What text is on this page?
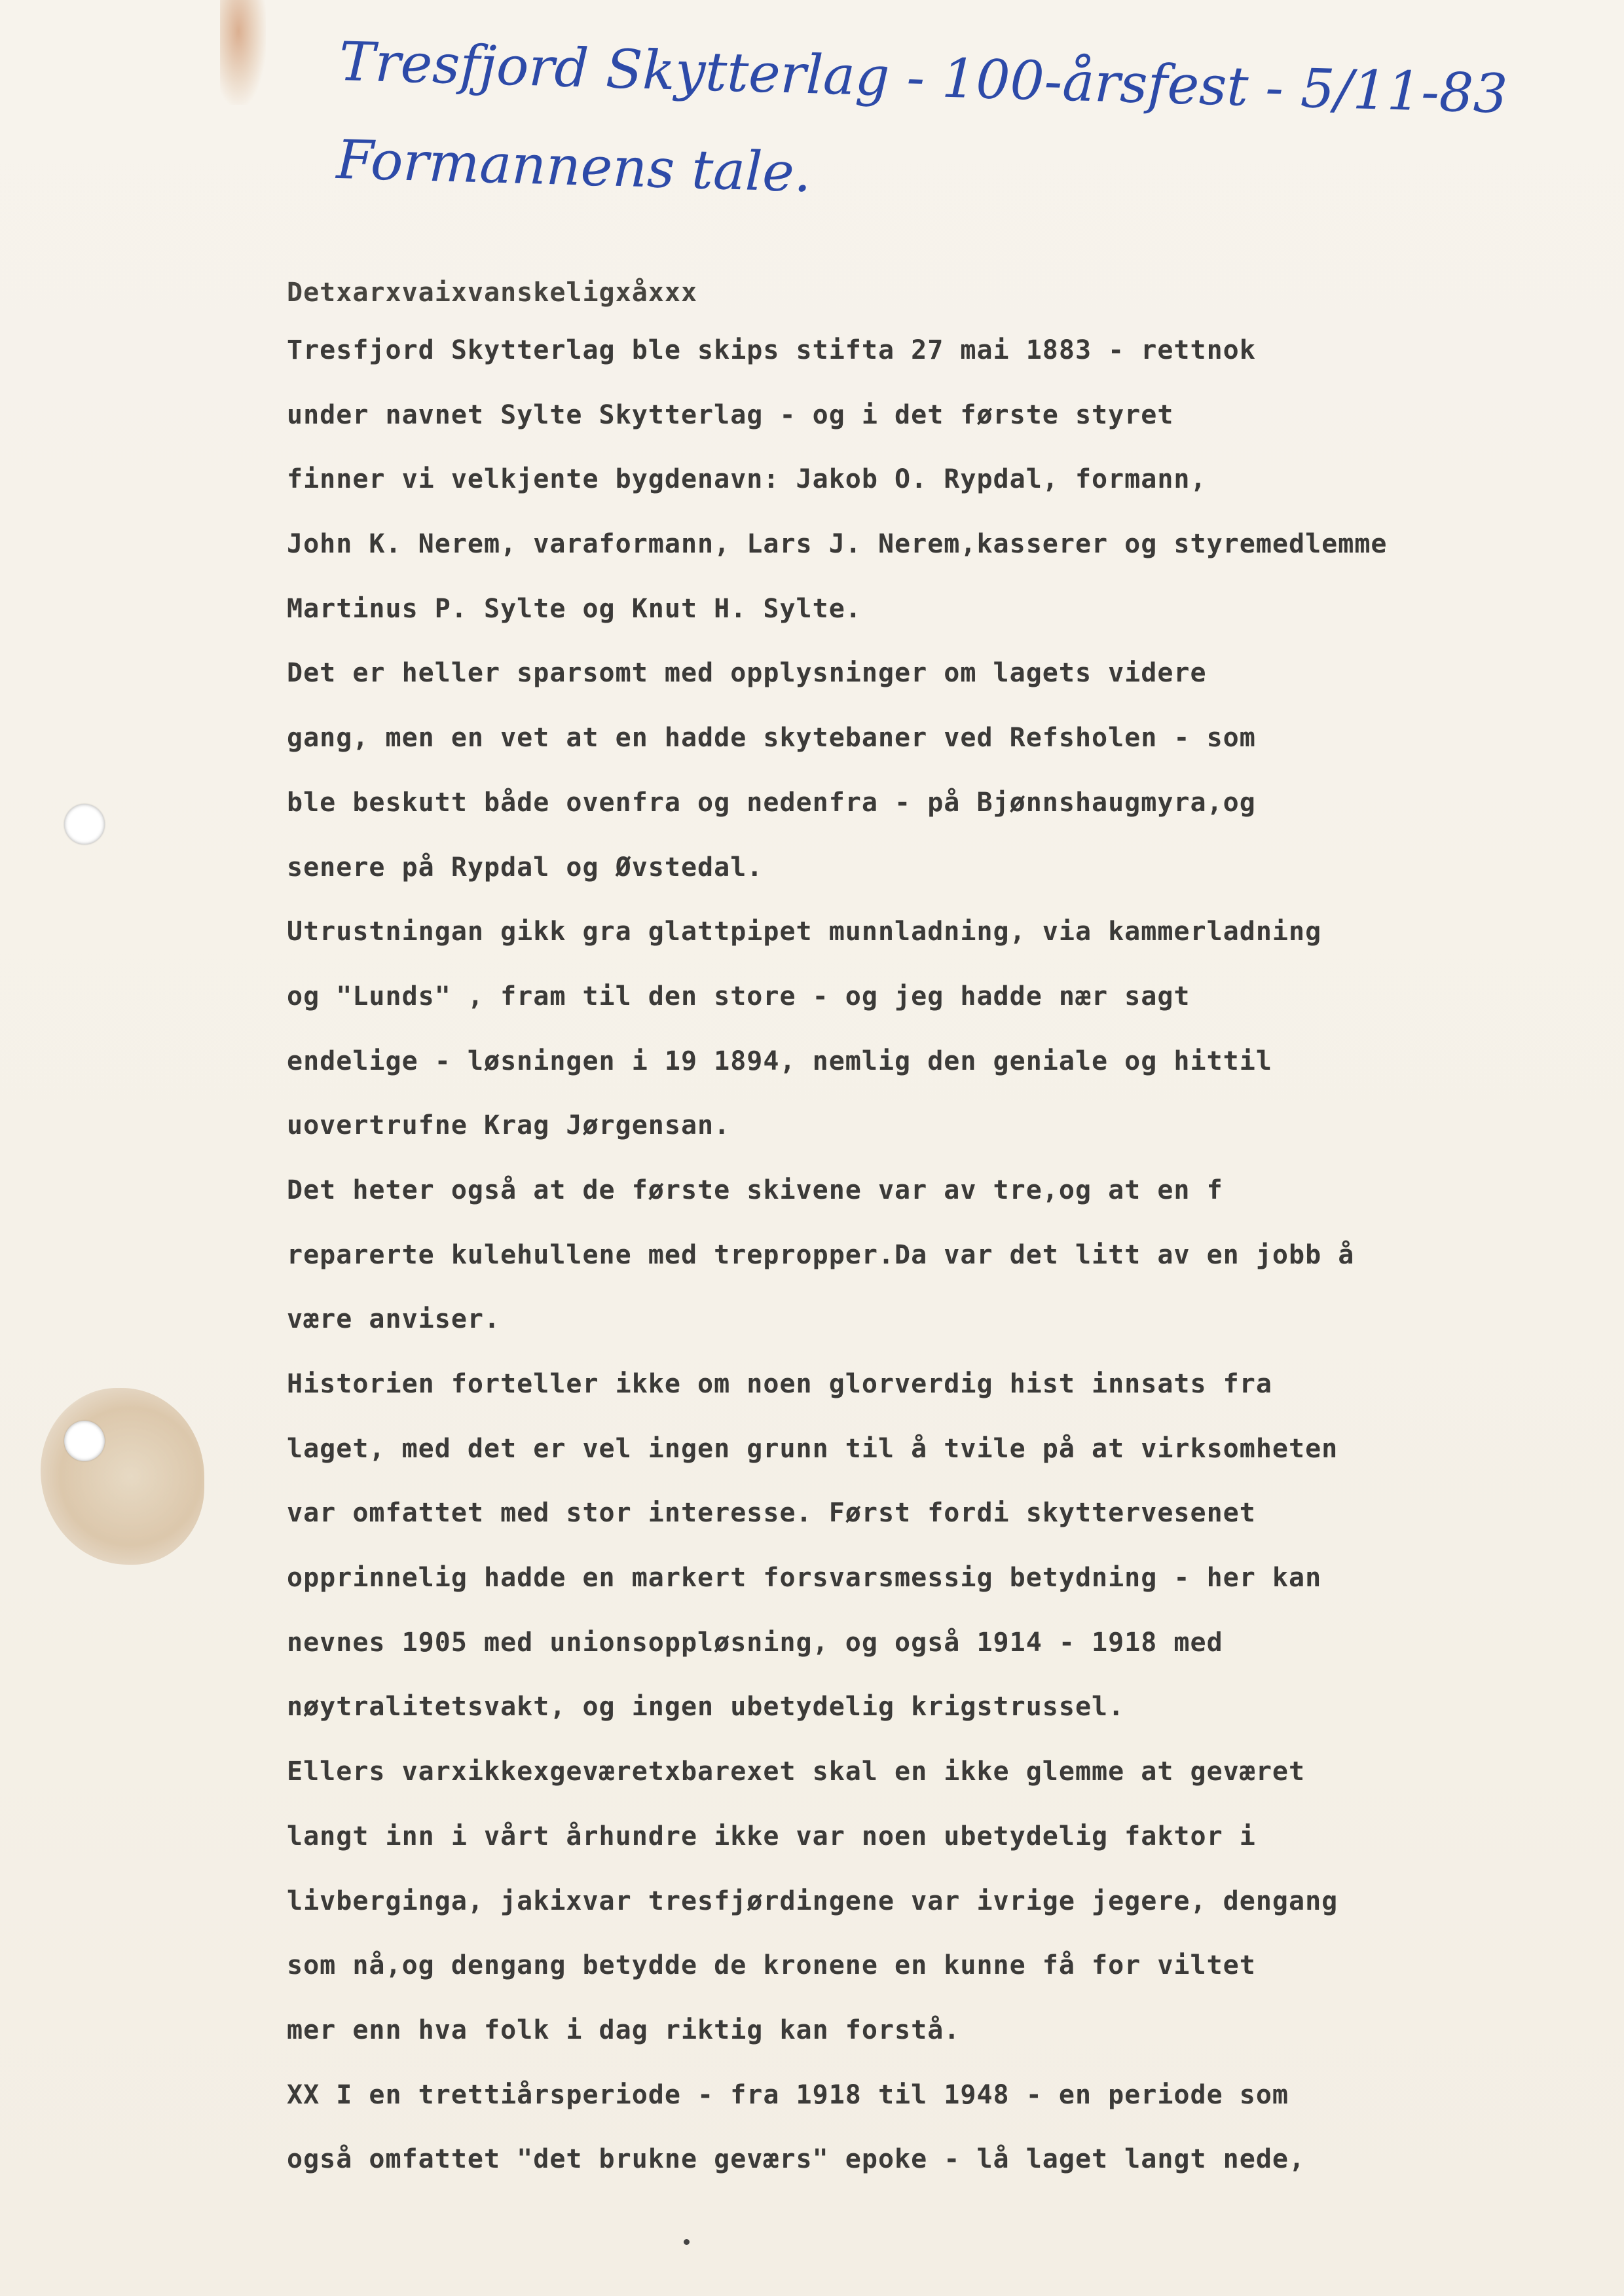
Tresfjord Skytterlag - 100-årsfest - 5/11-83
Formannens tale.
Detxarxvaixvanskeligxåxxx
Tresfjord Skytterlag ble skips stifta 27 mai 1883 - rettnok
under navnet Sylte Skytterlag - og i det første styret
finner vi velkjente bygdenavn: Jakob O. Rypdal, formann,
John K. Nerem, varaformann, Lars J. Nerem,kasserer og styremedlemme
Martinus P. Sylte og Knut H. Sylte.
Det er heller sparsomt med opplysninger om lagets videre
gang, men en vet at en hadde skytebaner ved Refsholen - som
ble beskutt både ovenfra og nedenfra - på Bjønnshaugmyra,og
senere på Rypdal og Øvstedal.
Utrustningan gikk gra glattpipet munnladning, via kammerladning
og "Lunds" , fram til den store - og jeg hadde nær sagt
endelige - løsningen i 19 1894, nemlig den geniale og hittil
uovertrufne Krag Jørgensan.
Det heter også at de første skivene var av tre,og at en f
reparerte kulehullene med trepropper.Da var det litt av en jobb å
være anviser.
Historien forteller ikke om noen glorverdig hist innsats fra
laget, med det er vel ingen grunn til å tvile på at virksomheten
var omfattet med stor interesse. Først fordi skyttervesenet
opprinnelig hadde en markert forsvarsmessig betydning - her kan
nevnes 1905 med unionsoppløsning, og også 1914 - 1918 med
nøytralitetsvakt, og ingen ubetydelig krigstrussel.
Ellers varxikkexgeværetxbarexet skal en ikke glemme at geværet
langt inn i vårt århundre ikke var noen ubetydelig faktor i
livberginga, jakixvar tresfjørdingene var ivrige jegere, dengang
som nå,og dengang betydde de kronene en kunne få for viltet
mer enn hva folk i dag riktig kan forstå.
XX I en trettiårsperiode - fra 1918 til 1948 - en periode som
også omfattet "det brukne geværs" epoke - lå laget langt nede,
